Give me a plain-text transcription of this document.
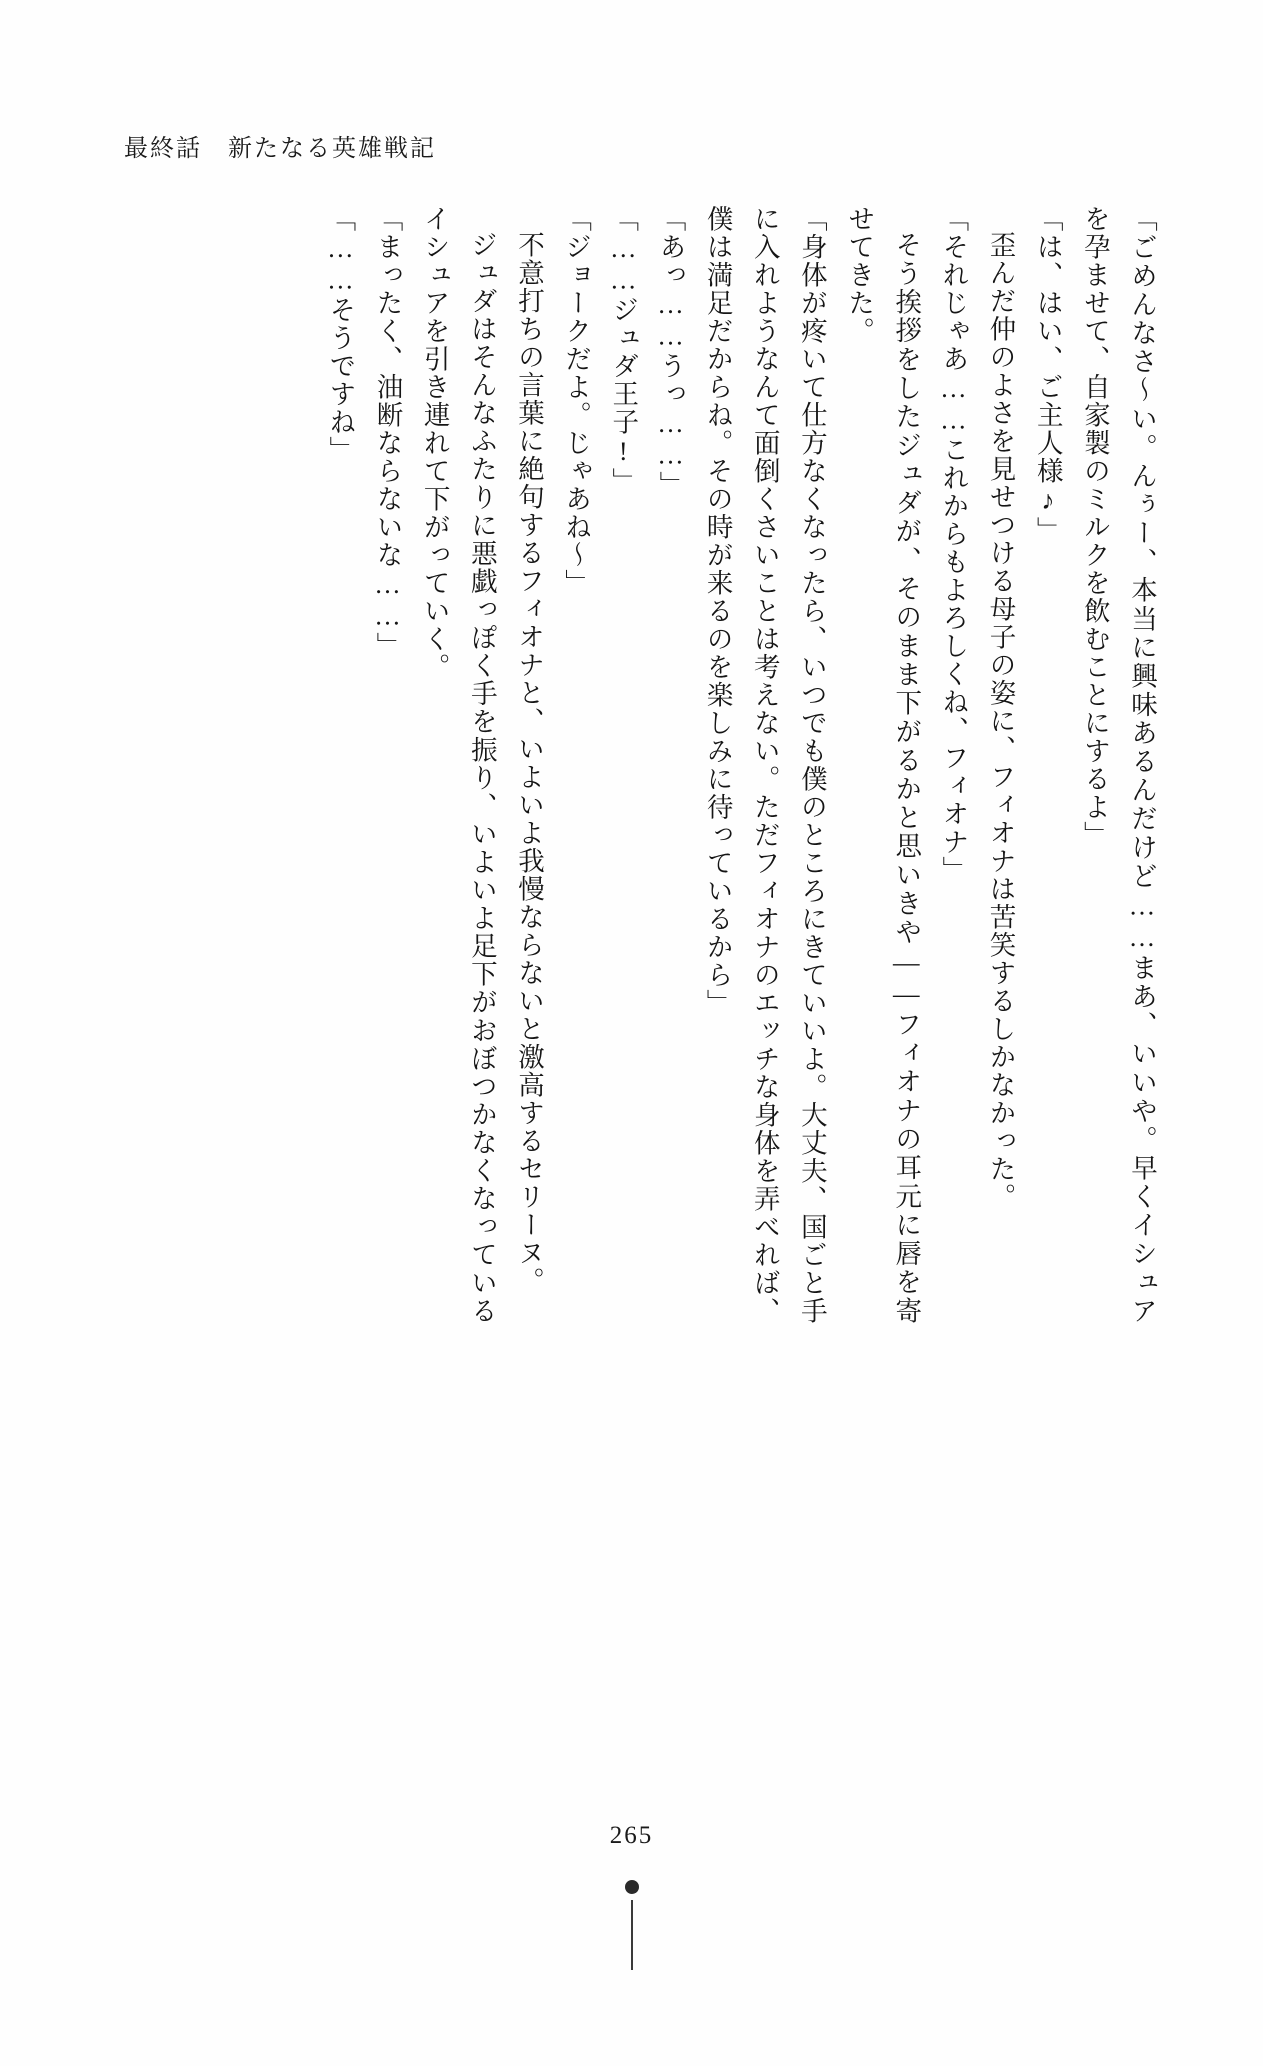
最終話 新たなる英雄戦記

「ごめんなさ～い。んぅー、本当に興味あるんだけど……まあ、いいや。早くイシュアを孕ませて、自家製のミルクを飲むことにするよ」

「は、はい、ご主人様♪」

歪んだ仲のよさを見せつける母子の姿に、フィオナは苦笑するしかなかった。

「それじゃあ……これからもよろしくね、フィオナ」

そう挨拶をしたジュダが、そのまま下がるかと思いきや――フィオナの耳元に唇を寄せてきた。

「身体が疼いて仕方なくなったら、いつでも僕のところにきていいよ。大丈夫、国ごと手に入れようなんて面倒くさいことは考えない。ただフィオナのエッチな身体を弄べれば、僕は満足だからね。その時が来るのを楽しみに待っているから」

「あっ……うっ……」

「……ジュダ王子!」

「ジョークだよ。じゃあね～」

不意打ちの言葉に絶句するフィオナと、いよいよ我慢ならないと激高するセリーヌ。

ジュダはそんなふたりに悪戯っぽく手を振り、いよいよ足下がおぼつかなくなっているイシュアを引き連れて下がっていく。

「まったく、油断ならないな……」

「……そうですね」

265
